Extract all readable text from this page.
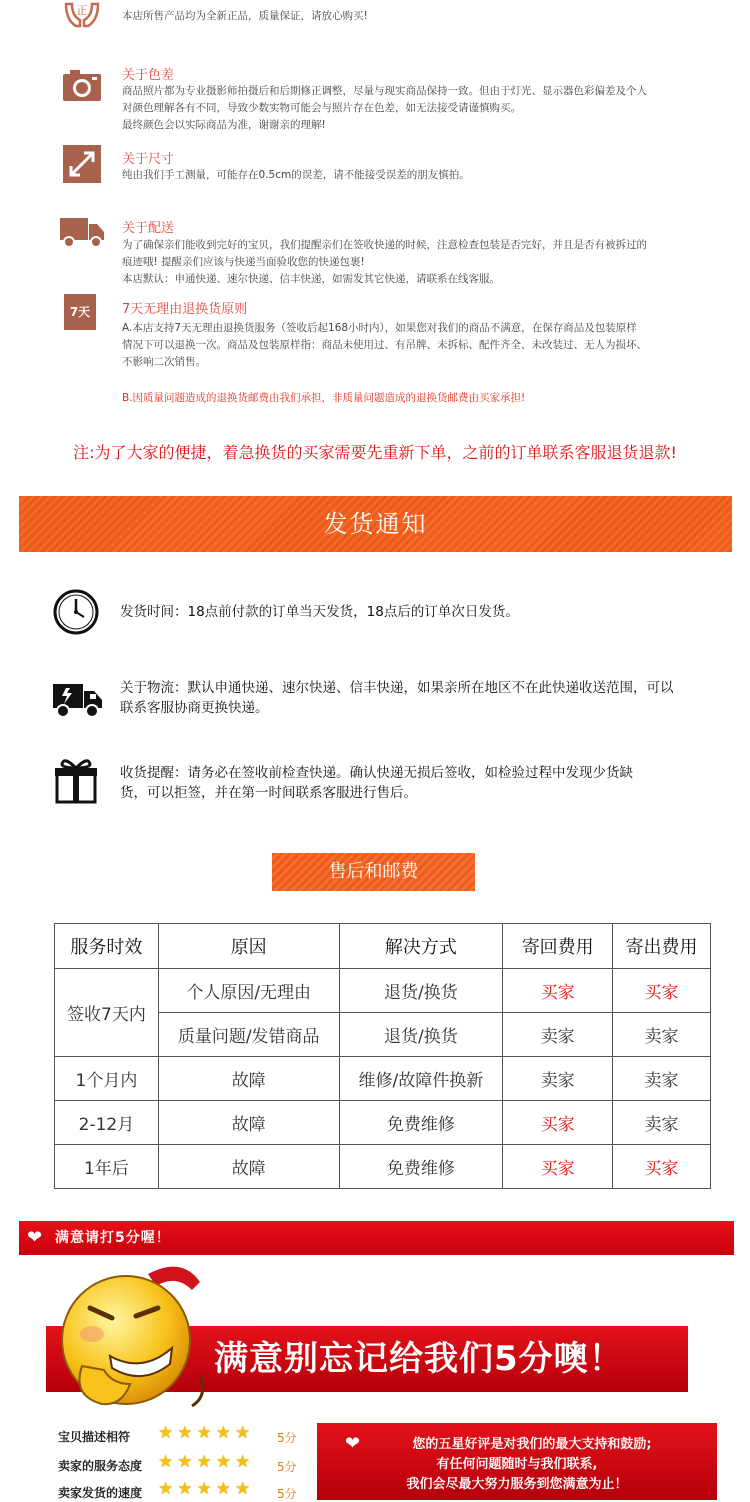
正	本店所售产品均为全新正品，质量保证，请放心购买!
关于色差
商品照片都为专业摄影师拍摄后和后期修正调整，尽量与现实商品保持一致。但由于灯光、显示器色彩偏差及个人
对颜色理解各有不同，导致少数实物可能会与照片存在色差，如无法接受请谨慎购买。
最终颜色会以实际商品为准，谢谢亲的理解!
关于尺寸
纯由我们手工测量，可能存在0.5cm的误差，请不能接受误差的朋友慎拍。
关于配送
为了确保亲们能收到完好的宝贝，我们提醒亲们在签收快递的时候，注意检查包装是否完好，并且是否有被拆过的
痕迹哦! 提醒亲们应该与快递当面验收您的快递包裹!
本店默认：申通快递、速尔快递、信丰快递，如需发其它快递，请联系在线客服。
7天	7天无理由退换货原则
A.本店支持7天无理由退换货服务（签收后起168小时内），如果您对我们的商品不满意，在保存商品及包装原样
情况下可以退换一次。商品及包装原样指：商品未使用过、有吊牌、未拆标、配件齐全、未改装过、无人为损坏、
不影响二次销售。
B.因质量问题造成的退换货邮费由我们承担，非质量问题造成的退换货邮费由买家承担!
注:为了大家的便捷，着急换货的买家需要先重新下单，之前的订单联系客服退货退款!
发货通知
发货时间：18点前付款的订单当天发货，18点后的订单次日发货。
关于物流：默认申通快递、速尔快递、信丰快递，如果亲所在地区不在此快递收送范围，可以
联系客服协商更换快递。
收货提醒：请务必在签收前检查快递。确认快递无损后签收，如检验过程中发现少货缺
货，可以拒签，并在第一时间联系客服进行售后。
售后和邮费
服务时效	原因	解决方式	寄回费用	寄出费用
签收7天内	个人原因/无理由	退货/换货	买家	买家
	质量问题/发错商品	退货/换货	卖家	卖家
1个月内	故障	维修/故障件换新	卖家	卖家
2-12月	故障	免费维修	买家	卖家
1年后	故障	免费维修	买家	买家
❤ 满意请打5分喔！
满意别忘记给我们5分噢！
宝贝描述相符 ★★★★★ 5分
卖家的服务态度 ★★★★★ 5分
卖家发货的速度 ★★★★★ 5分
❤	您的五星好评是对我们的最大支持和鼓励;
有任何问题随时与我们联系,
我们会尽最大努力服务到您满意为止！
